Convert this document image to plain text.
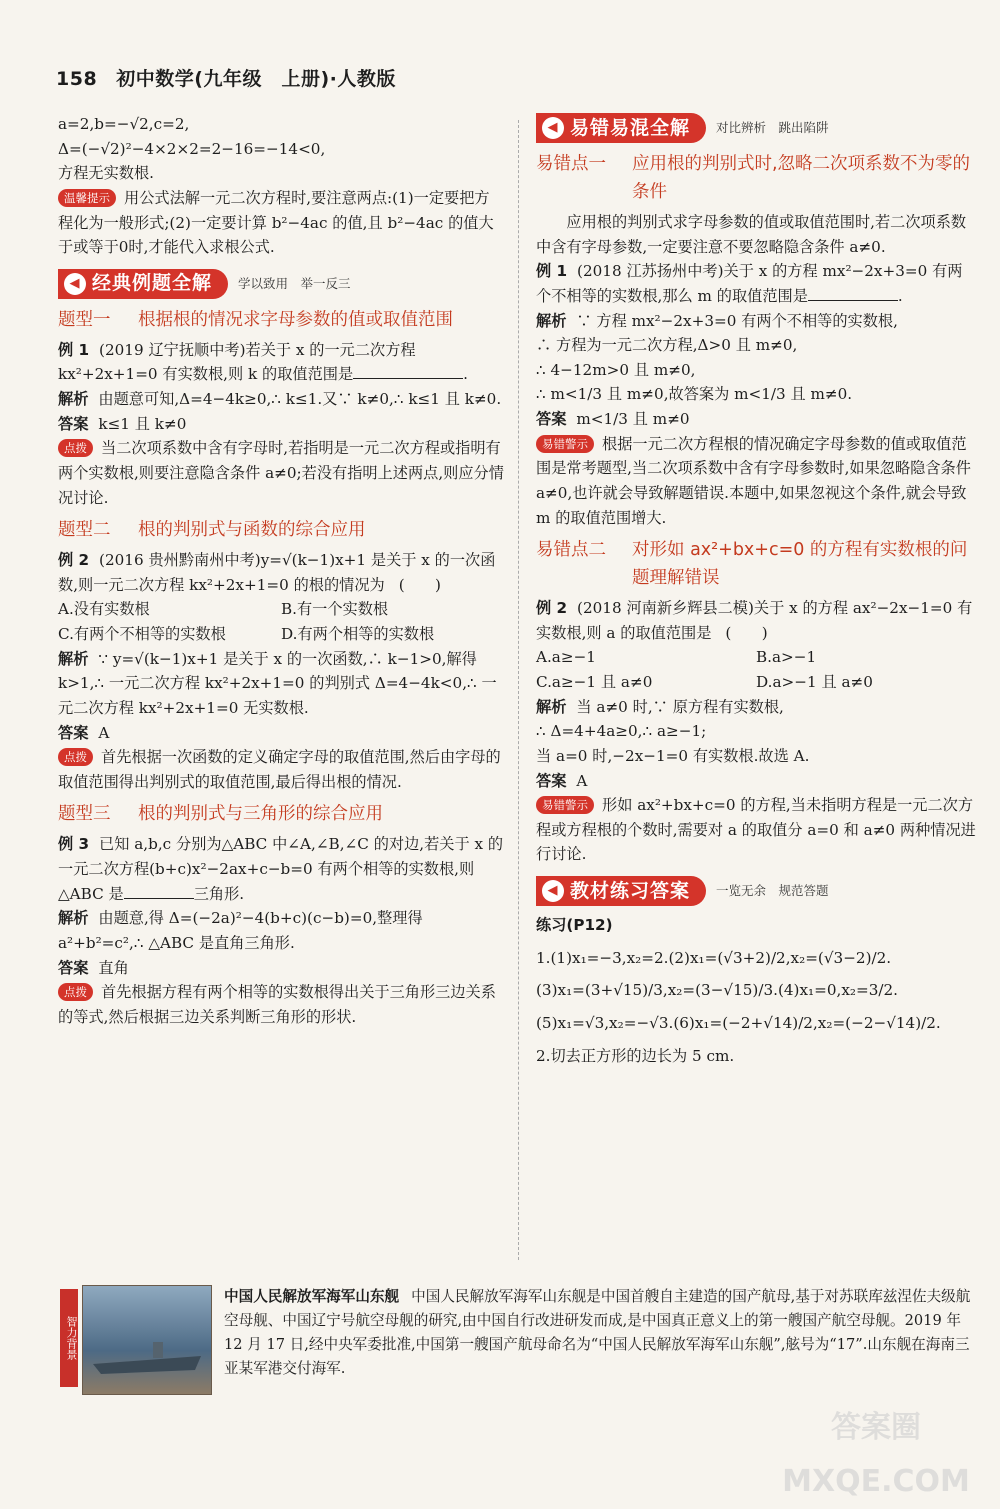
158 初中数学(九年级　上册)·人教版

a=2,b=−√2,c=2,

Δ=(−√2)²−4×2×2=2−16=−14<0,

方程无实数根.

温馨提示 用公式法解一元二次方程时,要注意两点:(1)一定要把方程化为一般形式;(2)一定要计算 b²−4ac 的值,且 b²−4ac 的值大于或等于0时,才能代入求根公式.

◀ 经典例题全解 学以致用　举一反三
题型一	根据根的情况求字母参数的值或取值范围

例 1 (2019 辽宁抚顺中考)若关于 x 的一元二次方程 kx²+2x+1=0 有实数根,则 k 的取值范围是	.

解析 由题意可知,Δ=4−4k≥0,∴ k≤1.又∵ k≠0,∴ k≤1 且 k≠0.

答案 k≤1 且 k≠0

点拨 当二次项系数中含有字母时,若指明是一元二次方程或指明有两个实数根,则要注意隐含条件 a≠0;若没有指明上述两点,则应分情况讨论.

题型二	根的判别式与函数的综合应用

例 2 (2016 贵州黔南州中考)y=√(k−1)x+1 是关于 x 的一次函数,则一元二次方程 kx²+2x+1=0 的根的情况为 (　　)

A.没有实数根	B.有一个实数根
C.有两个不相等的实数根	D.有两个相等的实数根

解析 ∵ y=√(k−1)x+1 是关于 x 的一次函数,∴ k−1>0,解得 k>1,∴ 一元二次方程 kx²+2x+1=0 的判别式 Δ=4−4k<0,∴ 一元二次方程 kx²+2x+1=0 无实数根.

答案 A

点拨 首先根据一次函数的定义确定字母的取值范围,然后由字母的取值范围得出判别式的取值范围,最后得出根的情况.

题型三	根的判别式与三角形的综合应用

例 3 已知 a,b,c 分别为△ABC 中∠A,∠B,∠C 的对边,若关于 x 的一元二次方程(b+c)x²−2ax+c−b=0 有两个相等的实数根,则△ABC 是	三角形.

解析 由题意,得 Δ=(−2a)²−4(b+c)(c−b)=0,整理得 a²+b²=c²,∴ △ABC 是直角三角形.

答案 直角

点拨 首先根据方程有两个相等的实数根得出关于三角形三边关系的等式,然后根据三边关系判断三角形的形状.

◀ 易错易混全解 对比辨析　跳出陷阱
易错点一	应用根的判别式时,忽略二次项系数不为零的条件

应用根的判别式求字母参数的值或取值范围时,若二次项系数中含有字母参数,一定要注意不要忽略隐含条件 a≠0.

例 1 (2018 江苏扬州中考)关于 x 的方程 mx²−2x+3=0 有两个不相等的实数根,那么 m 的取值范围是	.

解析 ∵ 方程 mx²−2x+3=0 有两个不相等的实数根,

∴ 方程为一元二次方程,Δ>0 且 m≠0,

∴ 4−12m>0 且 m≠0,

∴ m<1/3 且 m≠0,故答案为 m<1/3 且 m≠0.

答案 m<1/3 且 m≠0

易错警示 根据一元二次方程根的情况确定字母参数的值或取值范围是常考题型,当二次项系数中含有字母参数时,如果忽略隐含条件 a≠0,也许就会导致解题错误.本题中,如果忽视这个条件,就会导致 m 的取值范围增大.

易错点二	对形如 ax²+bx+c=0 的方程有实数根的问题理解错误

例 2 (2018 河南新乡辉县二模)关于 x 的方程 ax²−2x−1=0 有实数根,则 a 的取值范围是 (　　)

A.a≥−1	B.a>−1
C.a≥−1 且 a≠0	D.a>−1 且 a≠0

解析 当 a≠0 时,∵ 原方程有实数根,

∴ Δ=4+4a≥0,∴ a≥−1;

当 a=0 时,−2x−1=0 有实数根.故选 A.

答案 A

易错警示 形如 ax²+bx+c=0 的方程,当未指明方程是一元二次方程或方程根的个数时,需要对 a 的取值分 a=0 和 a≠0 两种情况进行讨论.

◀ 教材练习答案 一览无余　规范答题

练习(P12)

1.(1)x₁=−3,x₂=2.(2)x₁=(√3+2)/2,x₂=(√3−2)/2.

(3)x₁=(3+√15)/3,x₂=(3−√15)/3.(4)x₁=0,x₂=3/2.

(5)x₁=√3,x₂=−√3.(6)x₁=(−2+√14)/2,x₂=(−2−√14)/2.

2.切去正方形的边长为 5 cm.

智力背景
中国人民解放军海军山东舰 中国人民解放军海军山东舰是中国首艘自主建造的国产航母,基于对苏联库兹涅佐夫级航空母舰、中国辽宁号航空母舰的研究,由中国自行改进研发而成,是中国真正意义上的第一艘国产航空母舰。2019 年 12 月 17 日,经中央军委批准,中国第一艘国产航母命名为“中国人民解放军海军山东舰”,舷号为“17”.山东舰在海南三亚某军港交付海军.
答案圈 MXQE.COM
